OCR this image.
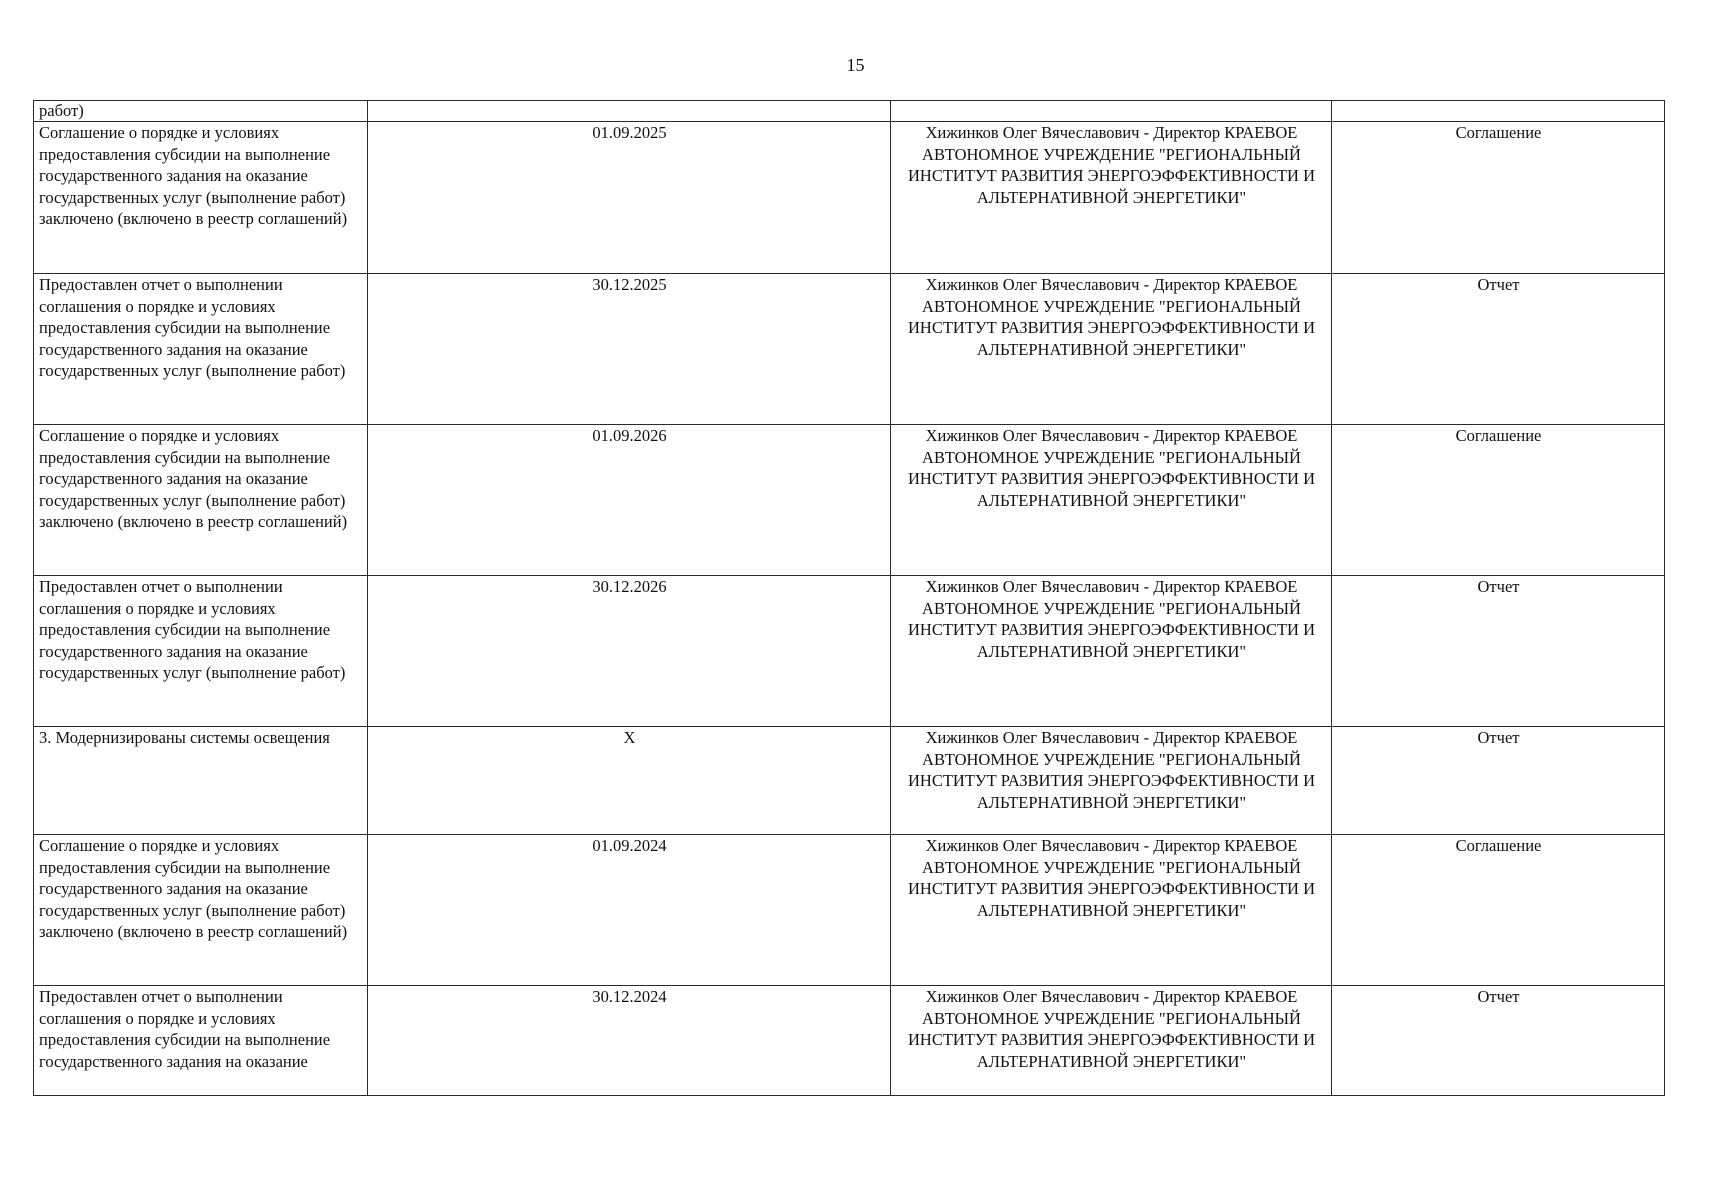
15
работ)			
Соглашение о порядке и условиях предоставления субсидии на выполнение государственного задания на оказание государственных услуг (выполнение работ) заключено (включено в реестр соглашений)	01.09.2025	Хижинков Олег Вячеславович - Директор КРАЕВОЕ АВТОНОМНОЕ УЧРЕЖДЕНИЕ "РЕГИОНАЛЬНЫЙ ИНСТИТУТ РАЗВИТИЯ ЭНЕРГОЭФФЕКТИВНОСТИ И АЛЬТЕРНАТИВНОЙ ЭНЕРГЕТИКИ"	Соглашение
Предоставлен отчет о выполнении соглашения о порядке и условиях предоставления субсидии на выполнение государственного задания на оказание государственных услуг (выполнение работ)	30.12.2025	Хижинков Олег Вячеславович - Директор КРАЕВОЕ АВТОНОМНОЕ УЧРЕЖДЕНИЕ "РЕГИОНАЛЬНЫЙ ИНСТИТУТ РАЗВИТИЯ ЭНЕРГОЭФФЕКТИВНОСТИ И АЛЬТЕРНАТИВНОЙ ЭНЕРГЕТИКИ"	Отчет
Соглашение о порядке и условиях предоставления субсидии на выполнение государственного задания на оказание государственных услуг (выполнение работ) заключено (включено в реестр соглашений)	01.09.2026	Хижинков Олег Вячеславович - Директор КРАЕВОЕ АВТОНОМНОЕ УЧРЕЖДЕНИЕ "РЕГИОНАЛЬНЫЙ ИНСТИТУТ РАЗВИТИЯ ЭНЕРГОЭФФЕКТИВНОСТИ И АЛЬТЕРНАТИВНОЙ ЭНЕРГЕТИКИ"	Соглашение
Предоставлен отчет о выполнении соглашения о порядке и условиях предоставления субсидии на выполнение государственного задания на оказание государственных услуг (выполнение работ)	30.12.2026	Хижинков Олег Вячеславович - Директор КРАЕВОЕ АВТОНОМНОЕ УЧРЕЖДЕНИЕ "РЕГИОНАЛЬНЫЙ ИНСТИТУТ РАЗВИТИЯ ЭНЕРГОЭФФЕКТИВНОСТИ И АЛЬТЕРНАТИВНОЙ ЭНЕРГЕТИКИ"	Отчет
3. Модернизированы системы освещения	X	Хижинков Олег Вячеславович - Директор КРАЕВОЕ АВТОНОМНОЕ УЧРЕЖДЕНИЕ "РЕГИОНАЛЬНЫЙ ИНСТИТУТ РАЗВИТИЯ ЭНЕРГОЭФФЕКТИВНОСТИ И АЛЬТЕРНАТИВНОЙ ЭНЕРГЕТИКИ"	Отчет
Соглашение о порядке и условиях предоставления субсидии на выполнение государственного задания на оказание государственных услуг (выполнение работ) заключено (включено в реестр соглашений)	01.09.2024	Хижинков Олег Вячеславович - Директор КРАЕВОЕ АВТОНОМНОЕ УЧРЕЖДЕНИЕ "РЕГИОНАЛЬНЫЙ ИНСТИТУТ РАЗВИТИЯ ЭНЕРГОЭФФЕКТИВНОСТИ И АЛЬТЕРНАТИВНОЙ ЭНЕРГЕТИКИ"	Соглашение
Предоставлен отчет о выполнении соглашения о порядке и условиях предоставления субсидии на выполнение государственного задания на оказание	30.12.2024	Хижинков Олег Вячеславович - Директор КРАЕВОЕ АВТОНОМНОЕ УЧРЕЖДЕНИЕ "РЕГИОНАЛЬНЫЙ ИНСТИТУТ РАЗВИТИЯ ЭНЕРГОЭФФЕКТИВНОСТИ И АЛЬТЕРНАТИВНОЙ ЭНЕРГЕТИКИ"	Отчет
